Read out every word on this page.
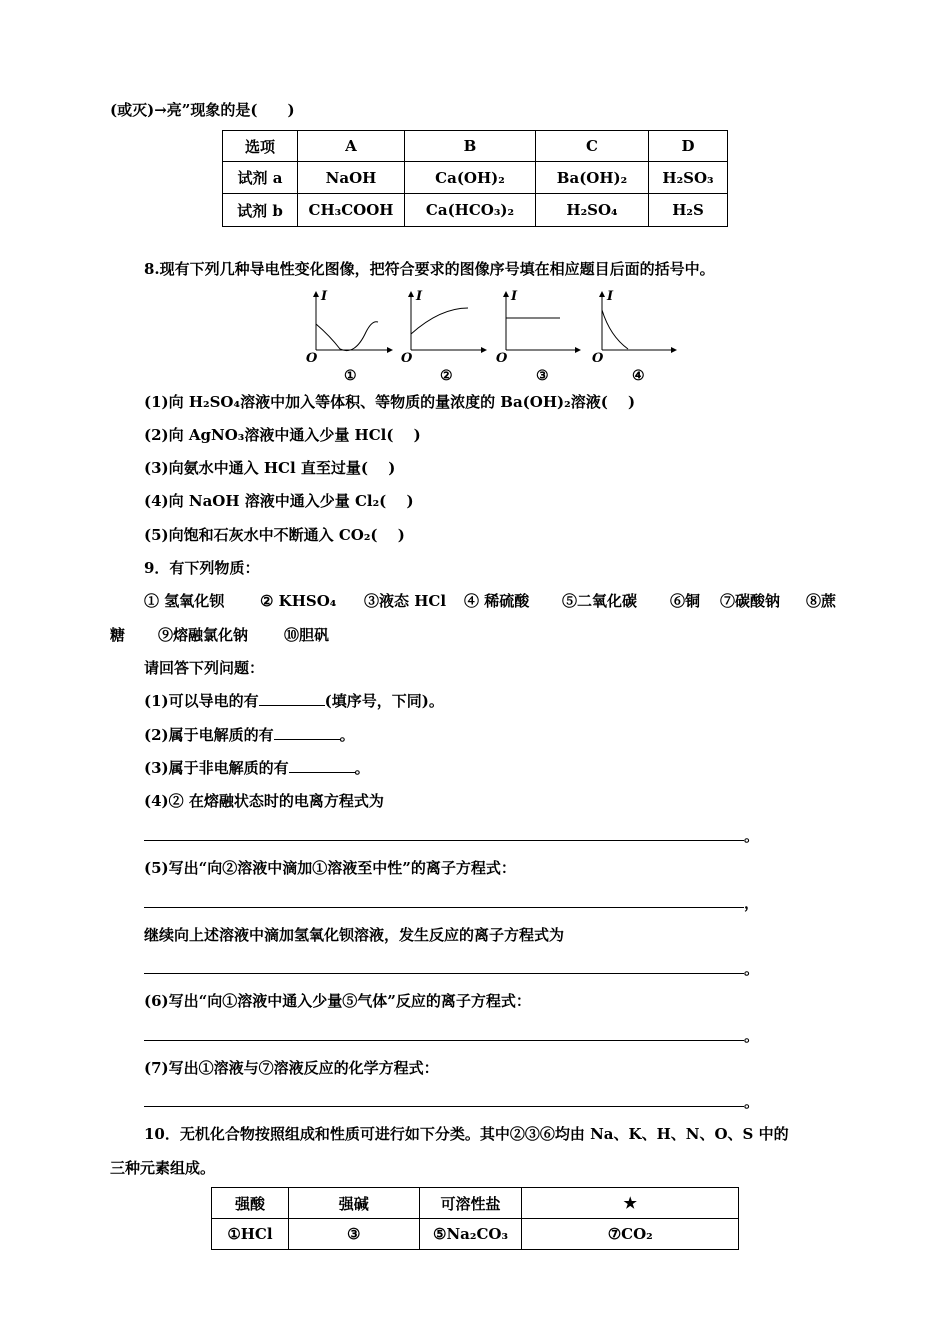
(或灭)→亮”现象的是(　　)
选项	A	B	C	D
试剂 a	NaOH	Ca(OH)₂	Ba(OH)₂	H₂SO₃
试剂 b	CH₃COOH	Ca(HCO₃)₂	H₂SO₄	H₂S
8.现有下列几种导电性变化图像，把符合要求的图像序号填在相应题目后面的括号中。
I
O
①
I
O
②
I
O
③
I
O
④
(1)向 H₂SO₄溶液中加入等体积、等物质的量浓度的 Ba(OH)₂溶液(　 )
(2)向 AgNO₃溶液中通入少量 HCl(　 )
(3)向氨水中通入 HCl 直至过量(　 )
(4)向 NaOH 溶液中通入少量 Cl₂(　 )
(5)向饱和石灰水中不断通入 CO₂(　 )
9．有下列物质：
① 氢氧化钡 ② KHSO₄ ③液态 HCl ④ 稀硫酸 ⑤二氧化碳 ⑥铜 ⑦碳酸钠 ⑧蔗
糖 ⑨熔融氯化钠 ⑩胆矾
请回答下列问题：
(1)可以导电的有	(填序号，下同)。
(2)属于电解质的有	。
(3)属于非电解质的有	。
(4)② 在熔融状态时的电离方程式为
。
(5)写出“向②溶液中滴加①溶液至中性”的离子方程式：
，
继续向上述溶液中滴加氢氧化钡溶液，发生反应的离子方程式为
。
(6)写出“向①溶液中通入少量⑤气体”反应的离子方程式：
。
(7)写出①溶液与⑦溶液反应的化学方程式：
。
10．无机化合物按照组成和性质可进行如下分类。其中②③⑥均由 Na、K、H、N、O、S 中的
三种元素组成。
强酸	强碱	可溶性盐	★
①HCl	③	⑤Na₂CO₃	⑦CO₂
